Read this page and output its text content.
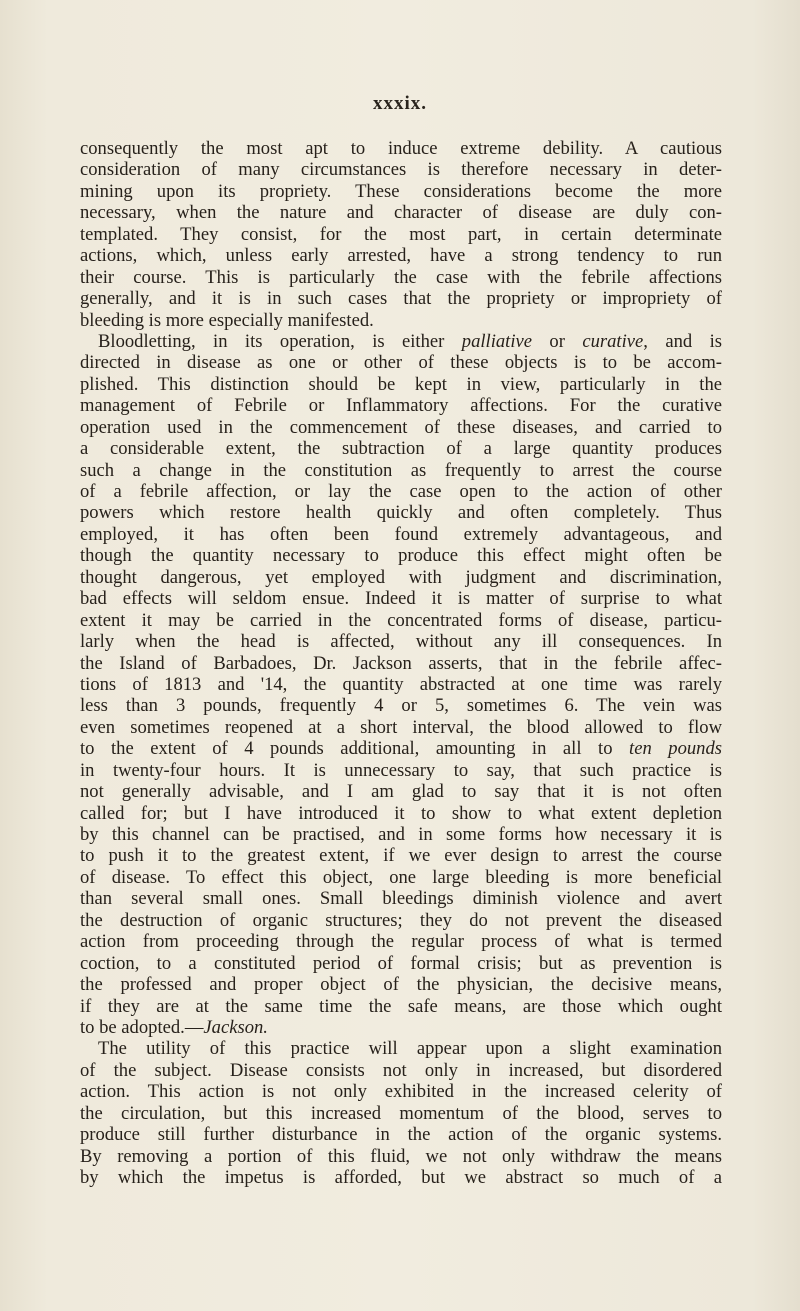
xxxix.
consequently the most apt to induce extreme debility. A cautious
consideration of many circumstances is therefore necessary in deter-
mining upon its propriety. These considerations become the more
necessary, when the nature and character of disease are duly con-
templated. They consist, for the most part, in certain determinate
actions, which, unless early arrested, have a strong tendency to run
their course. This is particularly the case with the febrile affections
generally, and it is in such cases that the propriety or impropriety of
bleeding is more especially manifested.
Bloodletting, in its operation, is either palliative or curative, and is
directed in disease as one or other of these objects is to be accom-
plished. This distinction should be kept in view, particularly in the
management of Febrile or Inflammatory affections. For the curative
operation used in the commencement of these diseases, and carried to
a considerable extent, the subtraction of a large quantity produces
such a change in the constitution as frequently to arrest the course
of a febrile affection, or lay the case open to the action of other
powers which restore health quickly and often completely. Thus
employed, it has often been found extremely advantageous, and
though the quantity necessary to produce this effect might often be
thought dangerous, yet employed with judgment and discrimination,
bad effects will seldom ensue. Indeed it is matter of surprise to what
extent it may be carried in the concentrated forms of disease, particu-
larly when the head is affected, without any ill consequences. In
the Island of Barbadoes, Dr. Jackson asserts, that in the febrile affec-
tions of 1813 and '14, the quantity abstracted at one time was rarely
less than 3 pounds, frequently 4 or 5, sometimes 6. The vein was
even sometimes reopened at a short interval, the blood allowed to flow
to the extent of 4 pounds additional, amounting in all to ten pounds
in twenty-four hours. It is unnecessary to say, that such practice is
not generally advisable, and I am glad to say that it is not often
called for; but I have introduced it to show to what extent depletion
by this channel can be practised, and in some forms how necessary it is
to push it to the greatest extent, if we ever design to arrest the course
of disease. To effect this object, one large bleeding is more beneficial
than several small ones. Small bleedings diminish violence and avert
the destruction of organic structures; they do not prevent the diseased
action from proceeding through the regular process of what is termed
coction, to a constituted period of formal crisis; but as prevention is
the professed and proper object of the physician, the decisive means,
if they are at the same time the safe means, are those which ought
to be adopted.—Jackson.
The utility of this practice will appear upon a slight examination
of the subject. Disease consists not only in increased, but disordered
action. This action is not only exhibited in the increased celerity of
the circulation, but this increased momentum of the blood, serves to
produce still further disturbance in the action of the organic systems.
By removing a portion of this fluid, we not only withdraw the means
by which the impetus is afforded, but we abstract so much of a
